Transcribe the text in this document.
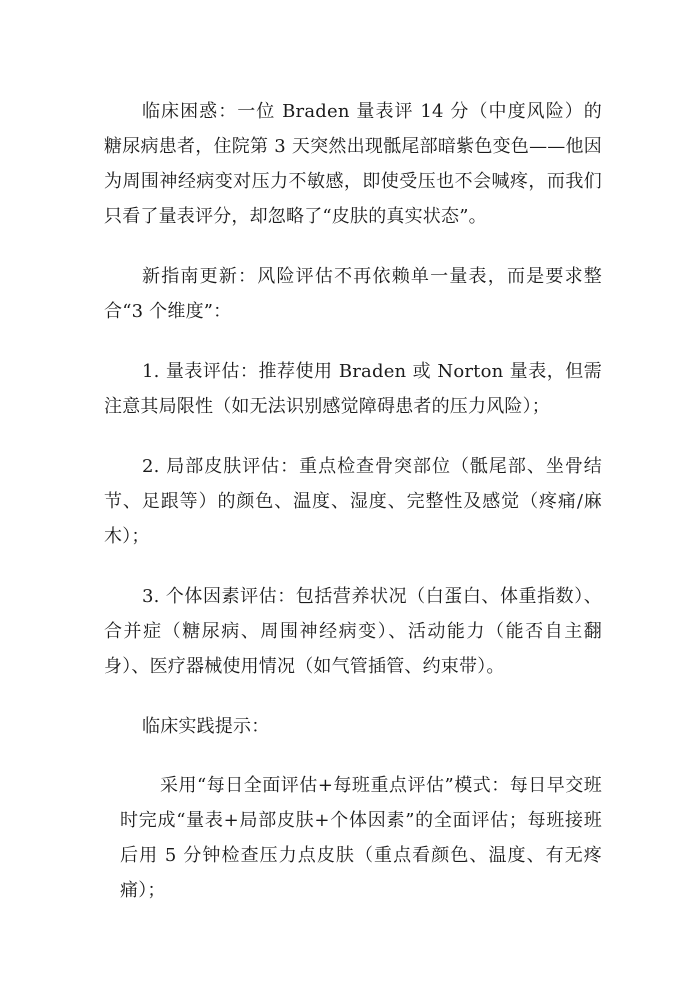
临床困惑：一位 Braden 量表评 14 分（中度风险）的糖尿病患者，住院第 3 天突然出现骶尾部暗紫色变色——他因为周围神经病变对压力不敏感，即使受压也不会喊疼，而我们只看了量表评分，却忽略了“皮肤的真实状态”。

新指南更新：风险评估不再依赖单一量表，而是要求整合“3 个维度”：

1. 量表评估：推荐使用 Braden 或 Norton 量表，但需注意其局限性（如无法识别感觉障碍患者的压力风险）；

2. 局部皮肤评估：重点检查骨突部位（骶尾部、坐骨结节、足跟等）的颜色、温度、湿度、完整性及感觉（疼痛/麻木）；

3. 个体因素评估：包括营养状况（白蛋白、体重指数）、合并症（糖尿病、周围神经病变）、活动能力（能否自主翻身）、医疗器械使用情况（如气管插管、约束带）。

临床实践提示：

采用“每日全面评估+每班重点评估”模式：每日早交班时完成“量表+局部皮肤+个体因素”的全面评估；每班接班后用 5 分钟检查压力点皮肤（重点看颜色、温度、有无疼痛）；
